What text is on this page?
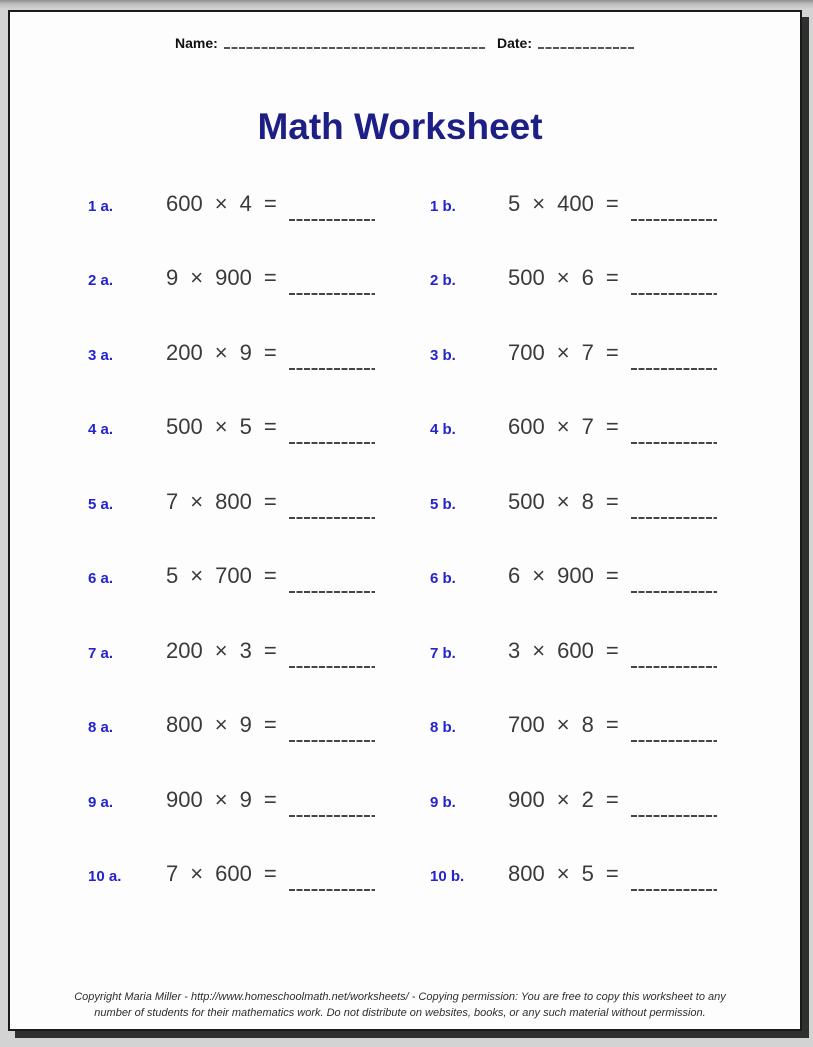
Name:	Date:
Math Worksheet
1 a.	600 × 4 =	1 b.	5 × 400 =
2 a.	9 × 900 =	2 b.	500 × 6 =
3 a.	200 × 9 =	3 b.	700 × 7 =
4 a.	500 × 5 =	4 b.	600 × 7 =
5 a.	7 × 800 =	5 b.	500 × 8 =
6 a.	5 × 700 =	6 b.	6 × 900 =
7 a.	200 × 3 =	7 b.	3 × 600 =
8 a.	800 × 9 =	8 b.	700 × 8 =
9 a.	900 × 9 =	9 b.	900 × 2 =
10 a.	7 × 600 =	10 b.	800 × 5 =
Copyright Maria Miller - http://www.homeschoolmath.net/worksheets/ - Copying permission: You are free to copy this worksheet to any number of students for their mathematics work. Do not distribute on websites, books, or any such material without permission.
